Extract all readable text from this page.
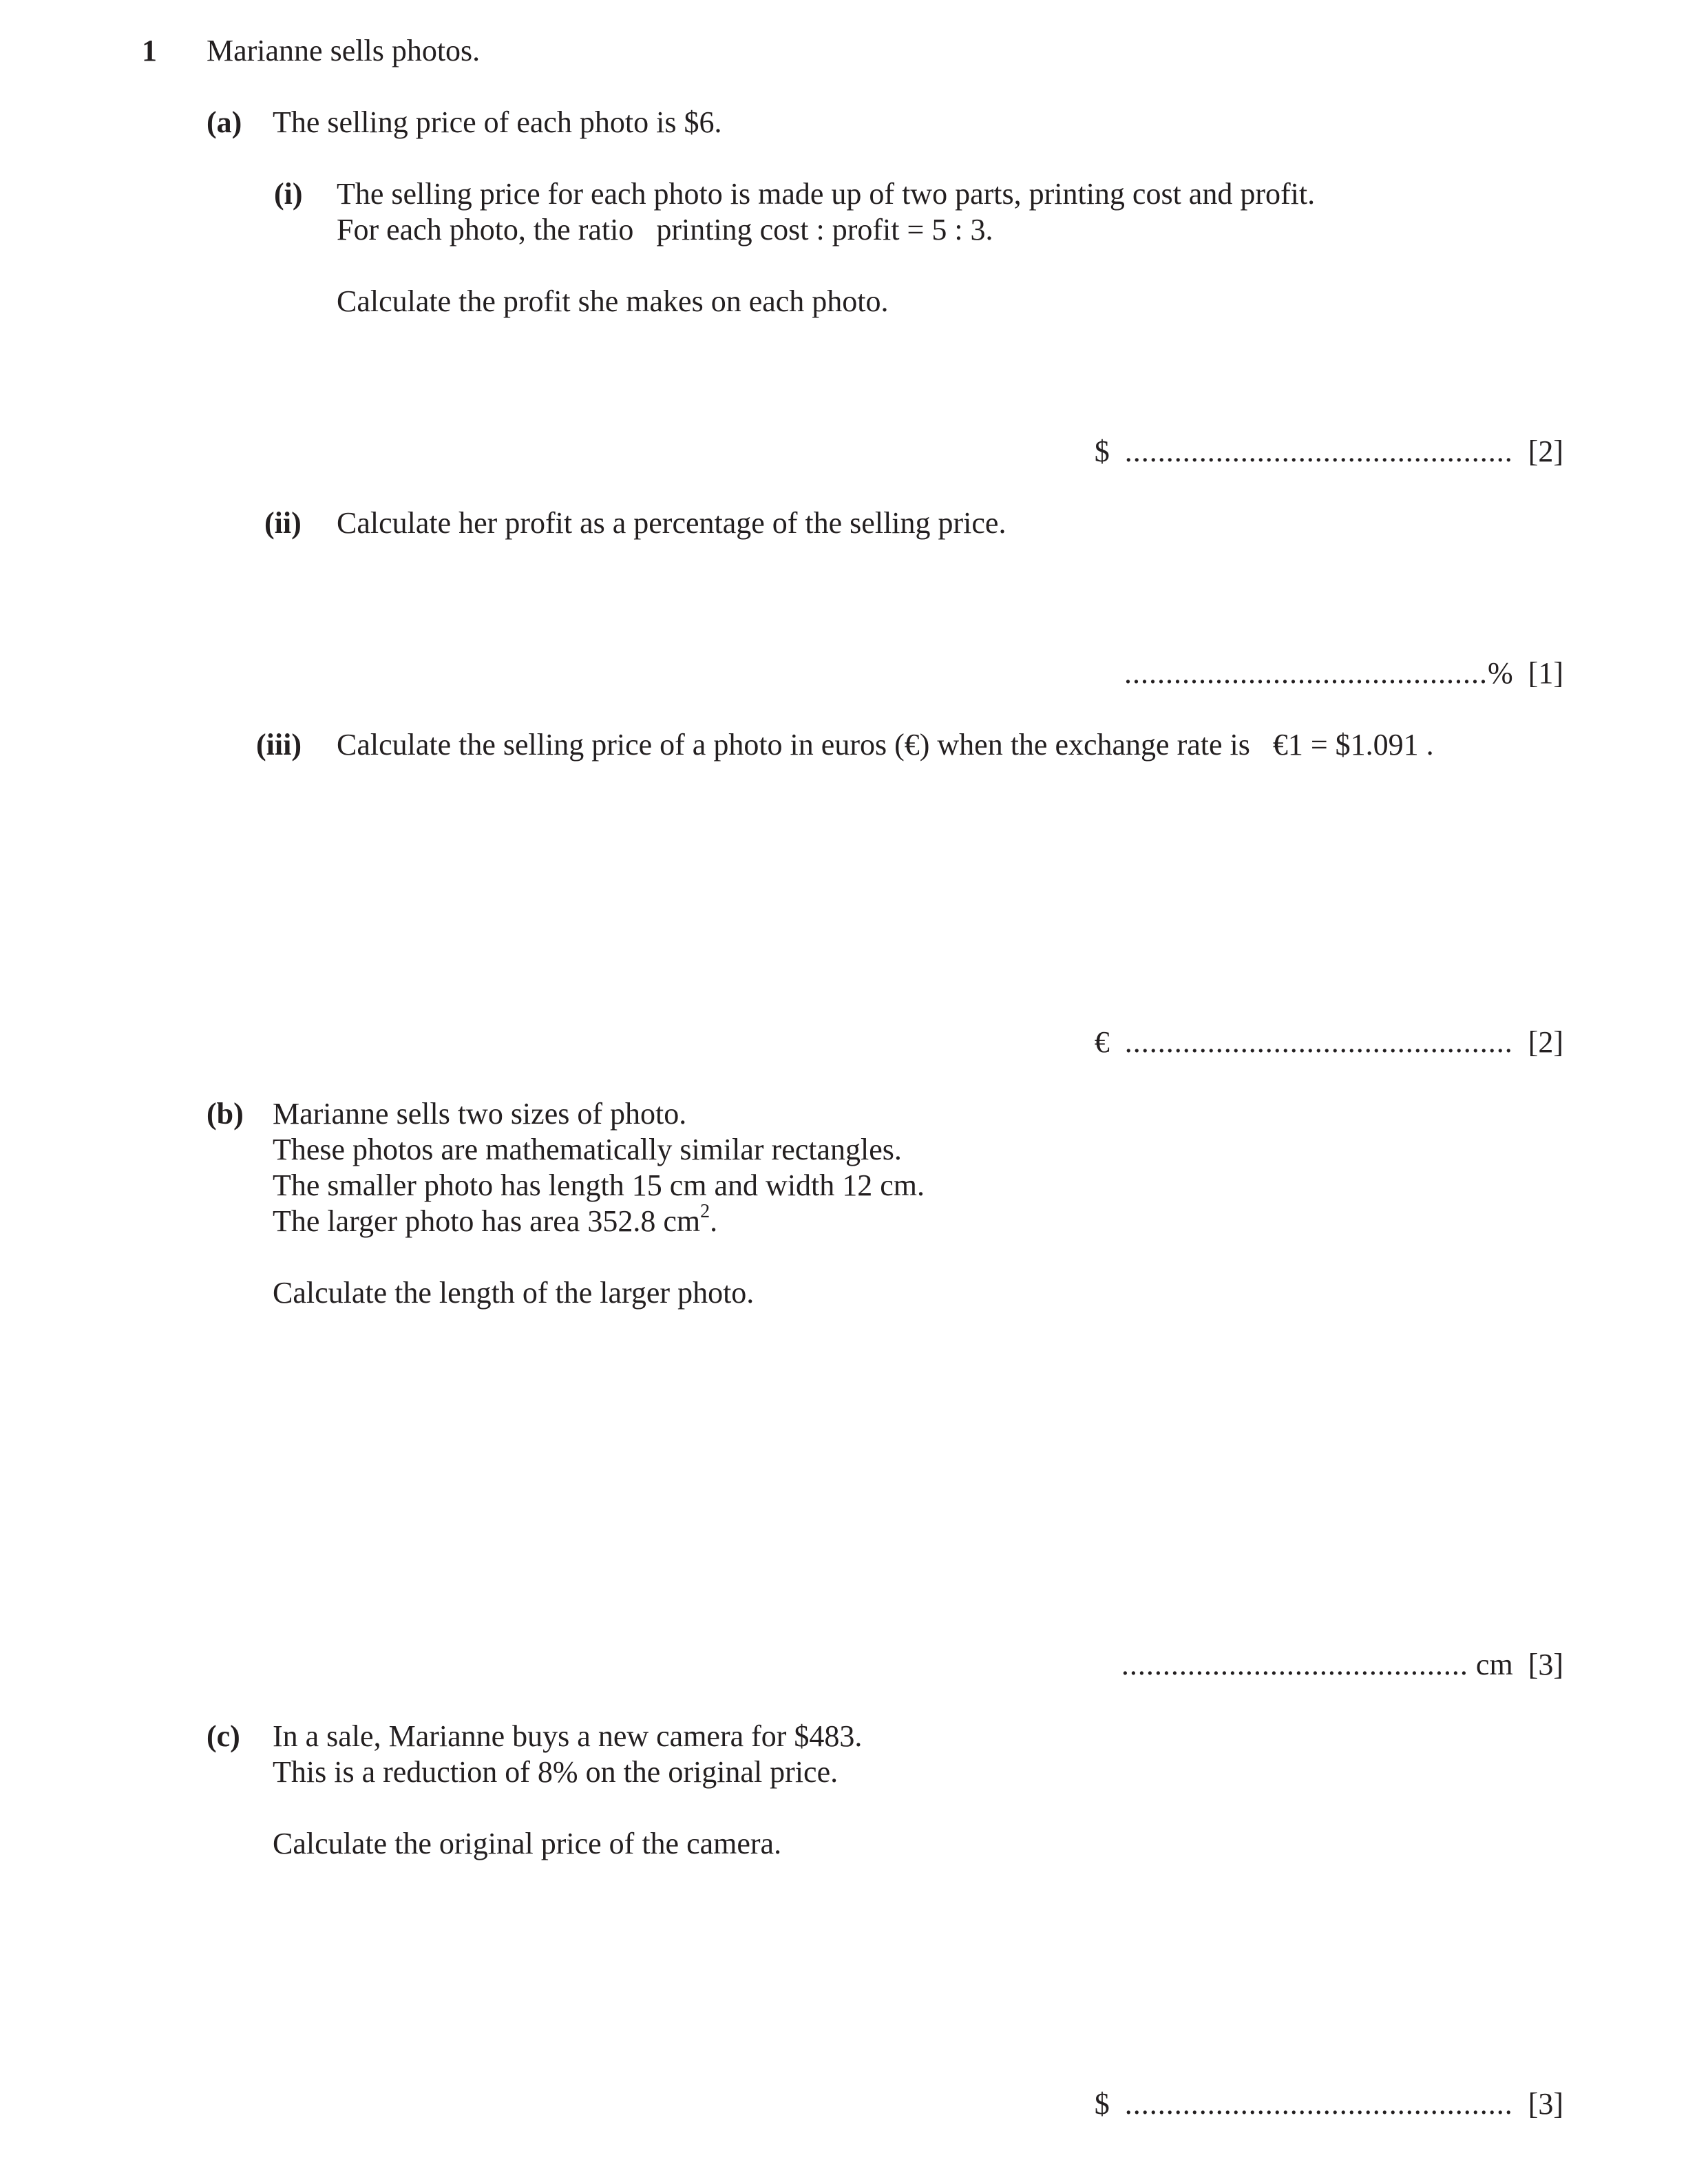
1 Marianne sells photos.
(a) The selling price of each photo is $6.
(i) The selling price for each photo is made up of two parts, printing cost and profit.
For each photo, the ratio   printing cost : profit = 5 : 3.
Calculate the profit she makes on each photo.
$ ............................................... [2]
(ii) Calculate her profit as a percentage of the selling price.
............................................% [1]
(iii) Calculate the selling price of a photo in euros (€) when the exchange rate is   €1 = $1.091 .
€ ............................................... [2]
(b) Marianne sells two sizes of photo.
These photos are mathematically similar rectangles.
The smaller photo has length 15 cm and width 12 cm.
The larger photo has area 352.8 $cm^2$.
Calculate the length of the larger photo.
.......................................... cm [3]
(c) In a sale, Marianne buys a new camera for $483.
This is a reduction of 8% on the original price.
Calculate the original price of the camera.
$ ............................................... [3]
